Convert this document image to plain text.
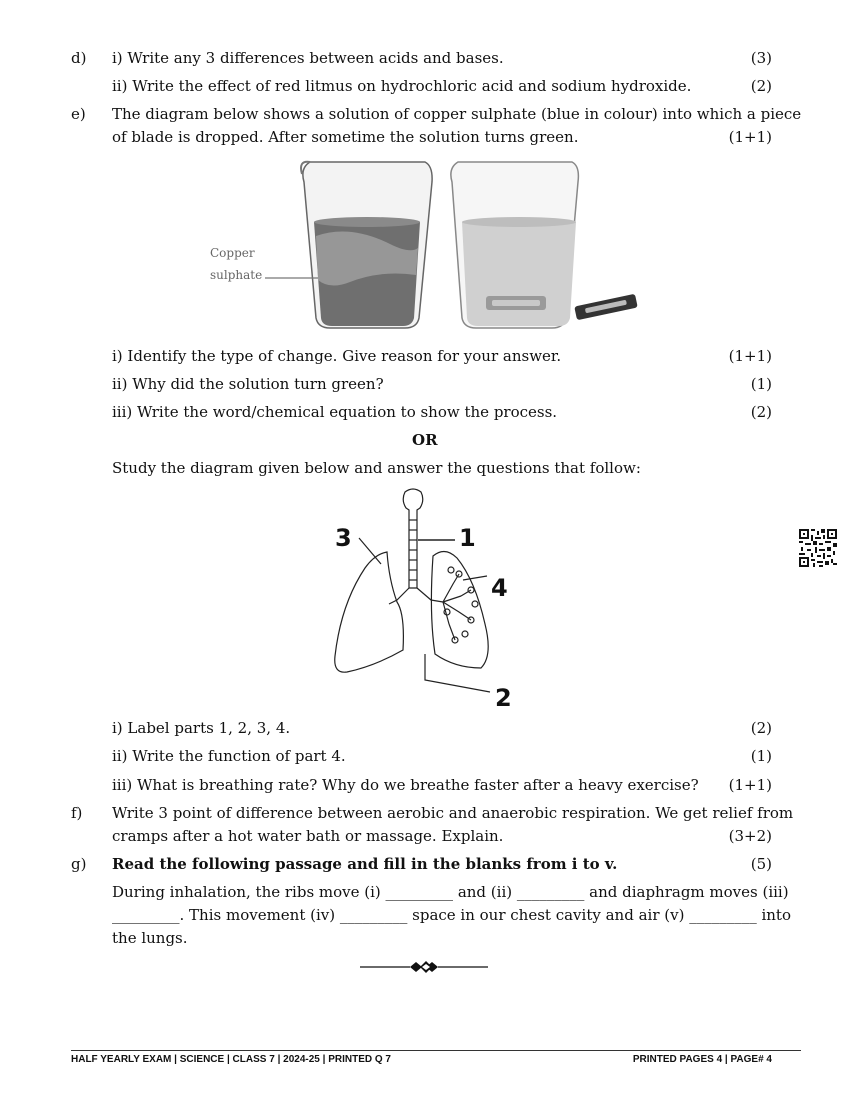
d) i) Write any 3 differences between acids and bases.	(3)
ii) Write the effect of red litmus on hydrochloric acid and sodium hydroxide.	(2)
e) The diagram below shows a solution of copper sulphate (blue in colour) into which a piece
of blade is dropped. After sometime the solution turns green.	(1+1)
Copper
sulphate
i) Identify the type of change. Give reason for your answer.	(1+1)
ii) Why did the solution turn green?	(1)
iii) Write the word/chemical equation to show the process.	(2)
OR
Study the diagram given below and answer the questions that follow:
3	1
4
2
i) Label parts 1, 2, 3, 4.	(2)
ii) Write the function of part 4.	(1)
iii) What is breathing rate? Why do we breathe faster after a heavy exercise? (1+1)
f) Write 3 point of difference between aerobic and anaerobic respiration. We get relief from
cramps after a hot water bath or massage. Explain.	(3+2)
g) Read the following passage and fill in the blanks from i to v.	(5)
During inhalation, the ribs move (i) _________ and (ii) _________ and diaphragm moves (iii)
_________. This movement (iv) _________ space in our chest cavity and air (v) _________ into
the lungs.
HALF YEARLY EXAM | SCIENCE | CLASS 7 | 2024-25 | PRINTED Q 7	PRINTED PAGES 4 | PAGE# 4
